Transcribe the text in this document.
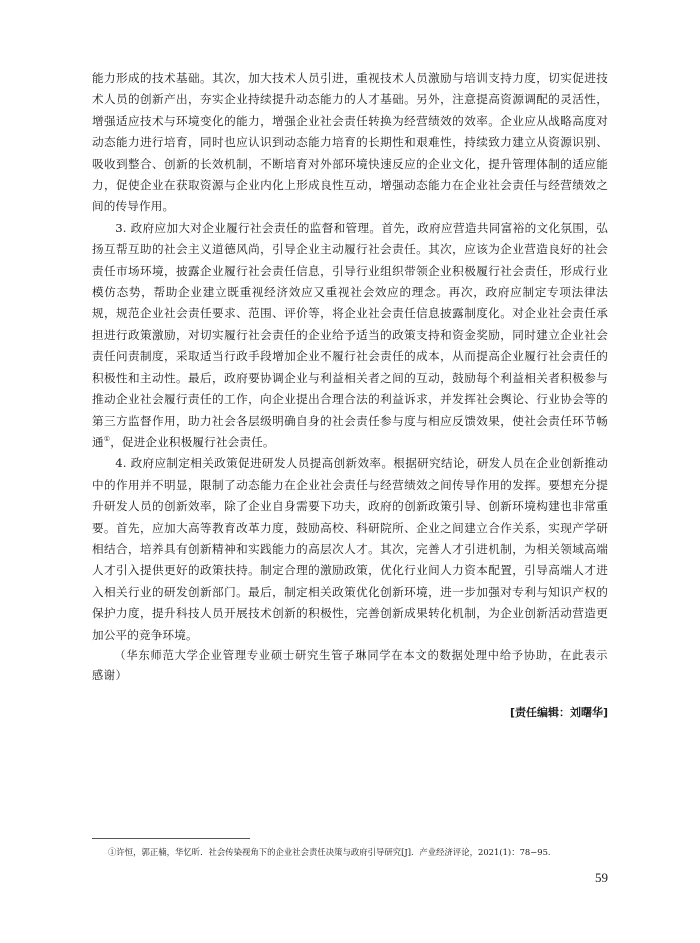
能力形成的技术基础。其次，加大技术人员引进，重视技术人员激励与培训支持力度，切实促进技术人员的创新产出，夯实企业持续提升动态能力的人才基础。另外，注意提高资源调配的灵活性，增强适应技术与环境变化的能力，增强企业社会责任转换为经营绩效的效率。企业应从战略高度对动态能力进行培育，同时也应认识到动态能力培育的长期性和艰难性，持续致力建立从资源识别、吸收到整合、创新的长效机制，不断培育对外部环境快速反应的企业文化，提升管理体制的适应能力，促使企业在获取资源与企业内化上形成良性互动，增强动态能力在企业社会责任与经营绩效之间的传导作用。

3. 政府应加大对企业履行社会责任的监督和管理。首先，政府应营造共同富裕的文化氛围，弘扬互帮互助的社会主义道德风尚，引导企业主动履行社会责任。其次，应该为企业营造良好的社会责任市场环境，披露企业履行社会责任信息，引导行业组织带领企业积极履行社会责任，形成行业模仿态势，帮助企业建立既重视经济效应又重视社会效应的理念。再次，政府应制定专项法律法规，规范企业社会责任要求、范围、评价等，将企业社会责任信息披露制度化。对企业社会责任承担进行政策激励，对切实履行社会责任的企业给予适当的政策支持和资金奖励，同时建立企业社会责任问责制度，采取适当行政手段增加企业不履行社会责任的成本，从而提高企业履行社会责任的积极性和主动性。最后，政府要协调企业与利益相关者之间的互动，鼓励每个利益相关者积极参与推动企业社会履行责任的工作，向企业提出合理合法的利益诉求，并发挥社会舆论、行业协会等的第三方监督作用，助力社会各层级明确自身的社会责任参与度与相应反馈效果，使社会责任环节畅通①，促进企业积极履行社会责任。

4. 政府应制定相关政策促进研发人员提高创新效率。根据研究结论，研发人员在企业创新推动中的作用并不明显，限制了动态能力在企业社会责任与经营绩效之间传导作用的发挥。要想充分提升研发人员的创新效率，除了企业自身需要下功夫，政府的创新政策引导、创新环境构建也非常重要。首先，应加大高等教育改革力度，鼓励高校、科研院所、企业之间建立合作关系，实现产学研相结合，培养具有创新精神和实践能力的高层次人才。其次，完善人才引进机制，为相关领域高端人才引入提供更好的政策扶持。制定合理的激励政策，优化行业间人力资本配置，引导高端人才进入相关行业的研发创新部门。最后，制定相关政策优化创新环境，进一步加强对专利与知识产权的保护力度，提升科技人员开展技术创新的积极性，完善创新成果转化机制，为企业创新活动营造更加公平的竞争环境。

（华东师范大学企业管理专业硕士研究生管子琳同学在本文的数据处理中给予协助，在此表示感谢）

[责任编辑：刘曙华]
①许恒，郭正楠，华忆昕．社会传染视角下的企业社会责任决策与政府引导研究[J]．产业经济评论，2021(1)：78−95.
59
